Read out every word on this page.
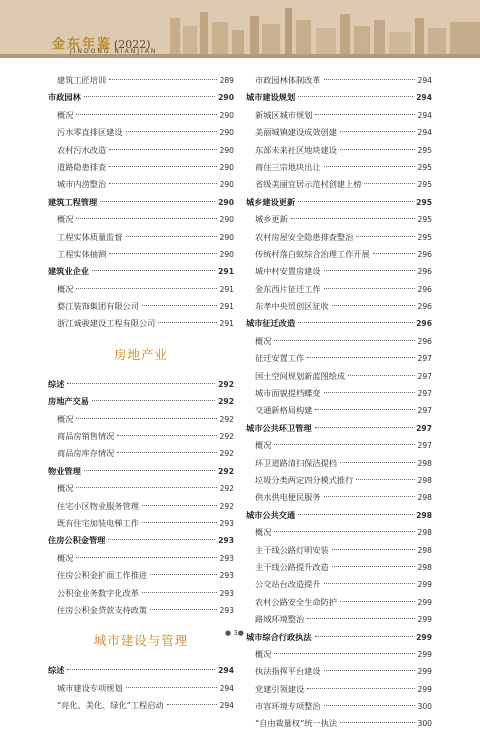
金东年鉴 (2022)
JINDONG NIANJIAN
建筑工匠培训	289
市政园林	290
概况	290
污水零直排区建设	290
农村污水改造	290
道路隐患排查	290
城市内涝整治	290
建筑工程管理	290
概况	290
工程实体质量监督	290
工程实体抽测	290
建筑业企业	291
概况	291
婺江装饰集团有限公司	291
浙江诚骏建设工程有限公司	291
房地产业
综述	292
房地产交易	292
概况	292
商品房销售情况	292
商品房库存情况	292
物业管理	292
概况	292
住宅小区物业服务管理	292
既有住宅加装电梯工作	293
住房公积金管理	293
概况	293
住房公积金扩面工作推进	293
公积金业务数字化改革	293
住房公积金贷款支持政策	293
城市建设与管理
综述	294
城市建设专项规划	294
“亮化、美化、绿化”工程启动	294
市政园林体制改革	294
城市建设规划	294
新城区城市规划	294
美丽城镇建设成效创建	294
东部未来社区地块建设	295
商住三宗地块出让	295
省级美丽宜居示范村创建上榜	295
城乡建设更新	295
城乡更新	295
农村房屋安全隐患排查整治	295
传统村落白蚁综合治理工作开展	296
城中村安置房建设	296
金东西片征迁工作	296
东孝中央贸创区征收	296
城市征迁改造	296
概况	296
征迁安置工作	297
国土空间规划新蓝图绘成	297
城市面貌提档蝶变	297
交通新格局构建	297
城市公共环卫管理	297
概况	297
环卫道路清扫保洁提档	298
垃圾分类两定四分模式推行	298
供水供电便民服务	298
城市公共交通	298
概况	298
主干线公路灯明安装	298
主干线公路提升改造	298
公交站台改造提升	299
农村公路安全生命防护	299
路域环境整治	299
城市综合行政执法	299
概况	299
执法指挥平台建设	299
党建引领建设	299
市容环境专项整治	300
“自由裁量权”统一执法	300
● 3●
